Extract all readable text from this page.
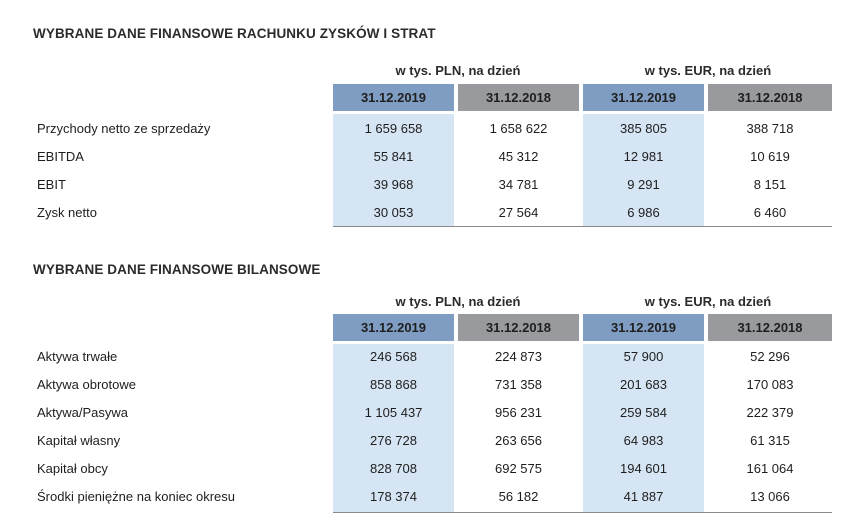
WYBRANE DANE FINANSOWE RACHUNKU ZYSKÓW I STRAT
w tys. PLN, na dzień	w tys. EUR, na dzień
31.12.2019	31.12.2018	31.12.2019	31.12.2018
Przychody netto ze sprzedaży	1 659 658	1 658 622	385 805	388 718
EBITDA	55 841	45 312	12 981	10 619
EBIT	39 968	34 781	9 291	8 151
Zysk netto	30 053	27 564	6 986	6 460
WYBRANE DANE FINANSOWE BILANSOWE
w tys. PLN, na dzień	w tys. EUR, na dzień
31.12.2019	31.12.2018	31.12.2019	31.12.2018
Aktywa trwałe	246 568	224 873	57 900	52 296
Aktywa obrotowe	858 868	731 358	201 683	170 083
Aktywa/Pasywa	1 105 437	956 231	259 584	222 379
Kapitał własny	276 728	263 656	64 983	61 315
Kapitał obcy	828 708	692 575	194 601	161 064
Środki pieniężne na koniec okresu	178 374	56 182	41 887	13 066
